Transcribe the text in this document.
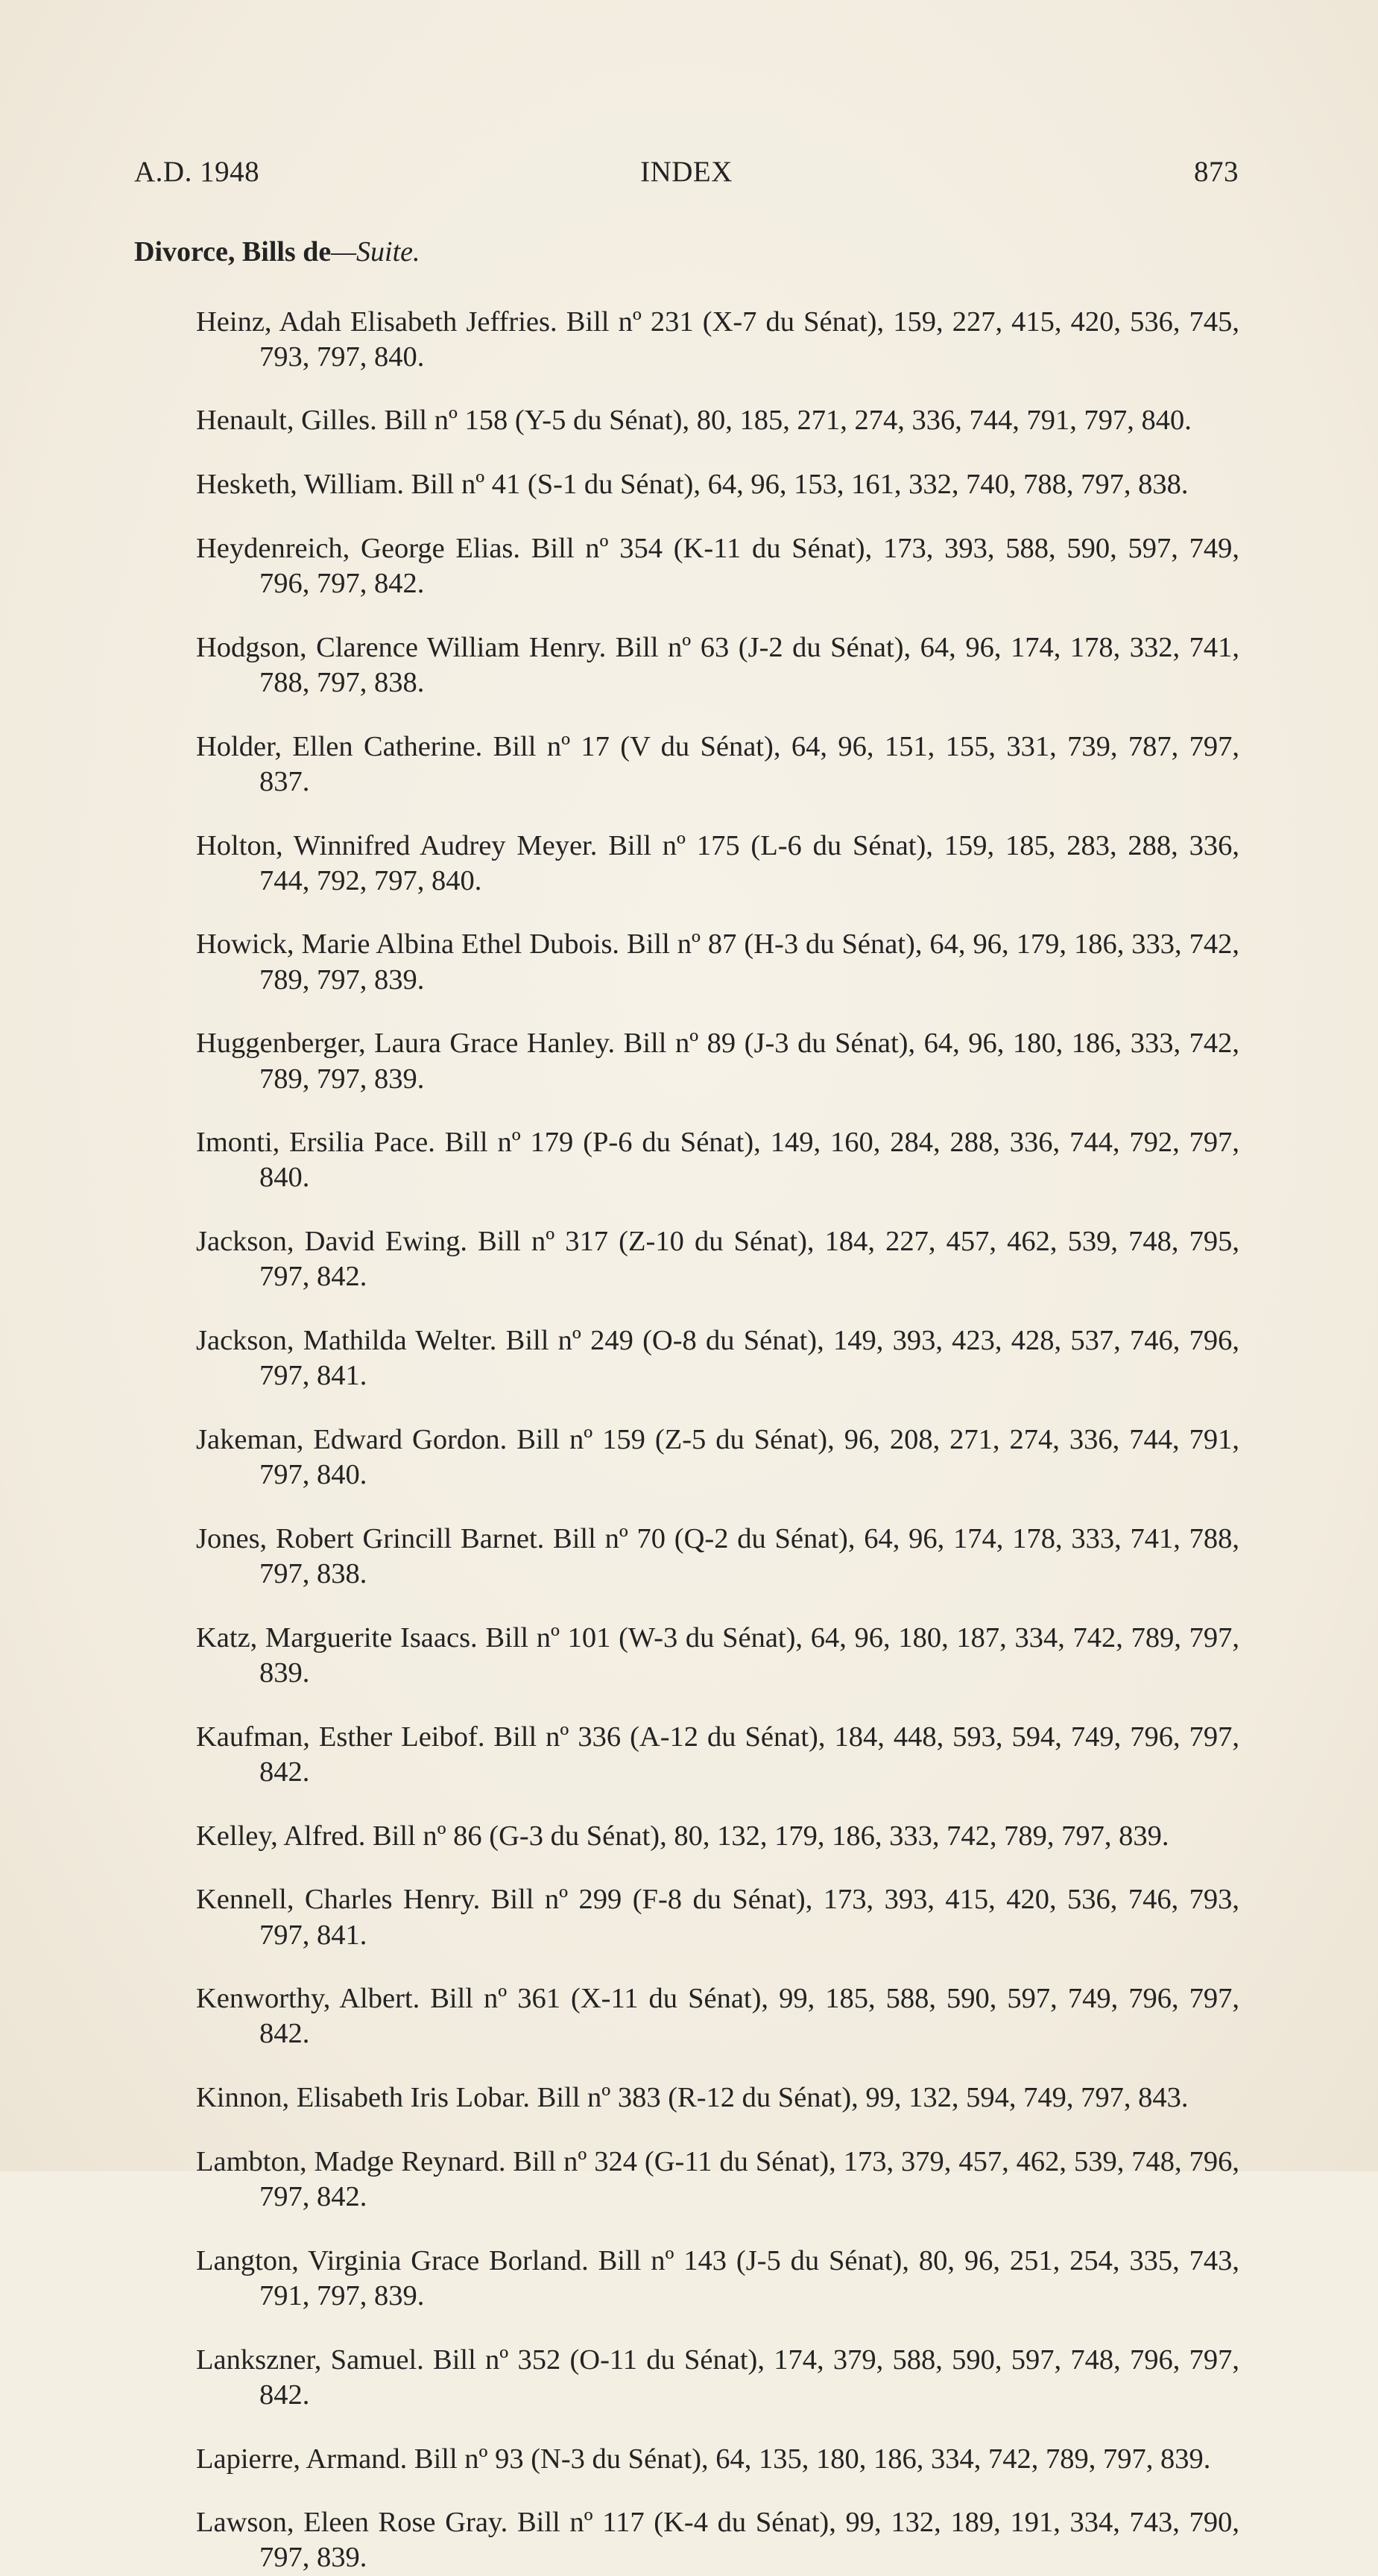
A.D. 1948	INDEX	873
Divorce, Bills de—Suite.

Heinz, Adah Elisabeth Jeffries. Bill nº 231 (X-7 du Sénat), 159, 227, 415, 420, 536, 745, 793, 797, 840.

Henault, Gilles. Bill nº 158 (Y-5 du Sénat), 80, 185, 271, 274, 336, 744, 791, 797, 840.

Hesketh, William. Bill nº 41 (S-1 du Sénat), 64, 96, 153, 161, 332, 740, 788, 797, 838.

Heydenreich, George Elias. Bill nº 354 (K-11 du Sénat), 173, 393, 588, 590, 597, 749, 796, 797, 842.

Hodgson, Clarence William Henry. Bill nº 63 (J-2 du Sénat), 64, 96, 174, 178, 332, 741, 788, 797, 838.

Holder, Ellen Catherine. Bill nº 17 (V du Sénat), 64, 96, 151, 155, 331, 739, 787, 797, 837.

Holton, Winnifred Audrey Meyer. Bill nº 175 (L-6 du Sénat), 159, 185, 283, 288, 336, 744, 792, 797, 840.

Howick, Marie Albina Ethel Dubois. Bill nº 87 (H-3 du Sénat), 64, 96, 179, 186, 333, 742, 789, 797, 839.

Huggenberger, Laura Grace Hanley. Bill nº 89 (J-3 du Sénat), 64, 96, 180, 186, 333, 742, 789, 797, 839.

Imonti, Ersilia Pace. Bill nº 179 (P-6 du Sénat), 149, 160, 284, 288, 336, 744, 792, 797, 840.

Jackson, David Ewing. Bill nº 317 (Z-10 du Sénat), 184, 227, 457, 462, 539, 748, 795, 797, 842.

Jackson, Mathilda Welter. Bill nº 249 (O-8 du Sénat), 149, 393, 423, 428, 537, 746, 796, 797, 841.

Jakeman, Edward Gordon. Bill nº 159 (Z-5 du Sénat), 96, 208, 271, 274, 336, 744, 791, 797, 840.

Jones, Robert Grincill Barnet. Bill nº 70 (Q-2 du Sénat), 64, 96, 174, 178, 333, 741, 788, 797, 838.

Katz, Marguerite Isaacs. Bill nº 101 (W-3 du Sénat), 64, 96, 180, 187, 334, 742, 789, 797, 839.

Kaufman, Esther Leibof. Bill nº 336 (A-12 du Sénat), 184, 448, 593, 594, 749, 796, 797, 842.

Kelley, Alfred. Bill nº 86 (G-3 du Sénat), 80, 132, 179, 186, 333, 742, 789, 797, 839.

Kennell, Charles Henry. Bill nº 299 (F-8 du Sénat), 173, 393, 415, 420, 536, 746, 793, 797, 841.

Kenworthy, Albert. Bill nº 361 (X-11 du Sénat), 99, 185, 588, 590, 597, 749, 796, 797, 842.

Kinnon, Elisabeth Iris Lobar. Bill nº 383 (R-12 du Sénat), 99, 132, 594, 749, 797, 843.

Lambton, Madge Reynard. Bill nº 324 (G-11 du Sénat), 173, 379, 457, 462, 539, 748, 796, 797, 842.

Langton, Virginia Grace Borland. Bill nº 143 (J-5 du Sénat), 80, 96, 251, 254, 335, 743, 791, 797, 839.

Lankszner, Samuel. Bill nº 352 (O-11 du Sénat), 174, 379, 588, 590, 597, 748, 796, 797, 842.

Lapierre, Armand. Bill nº 93 (N-3 du Sénat), 64, 135, 180, 186, 334, 742, 789, 797, 839.

Lawson, Eleen Rose Gray. Bill nº 117 (K-4 du Sénat), 99, 132, 189, 191, 334, 743, 790, 797, 839.
